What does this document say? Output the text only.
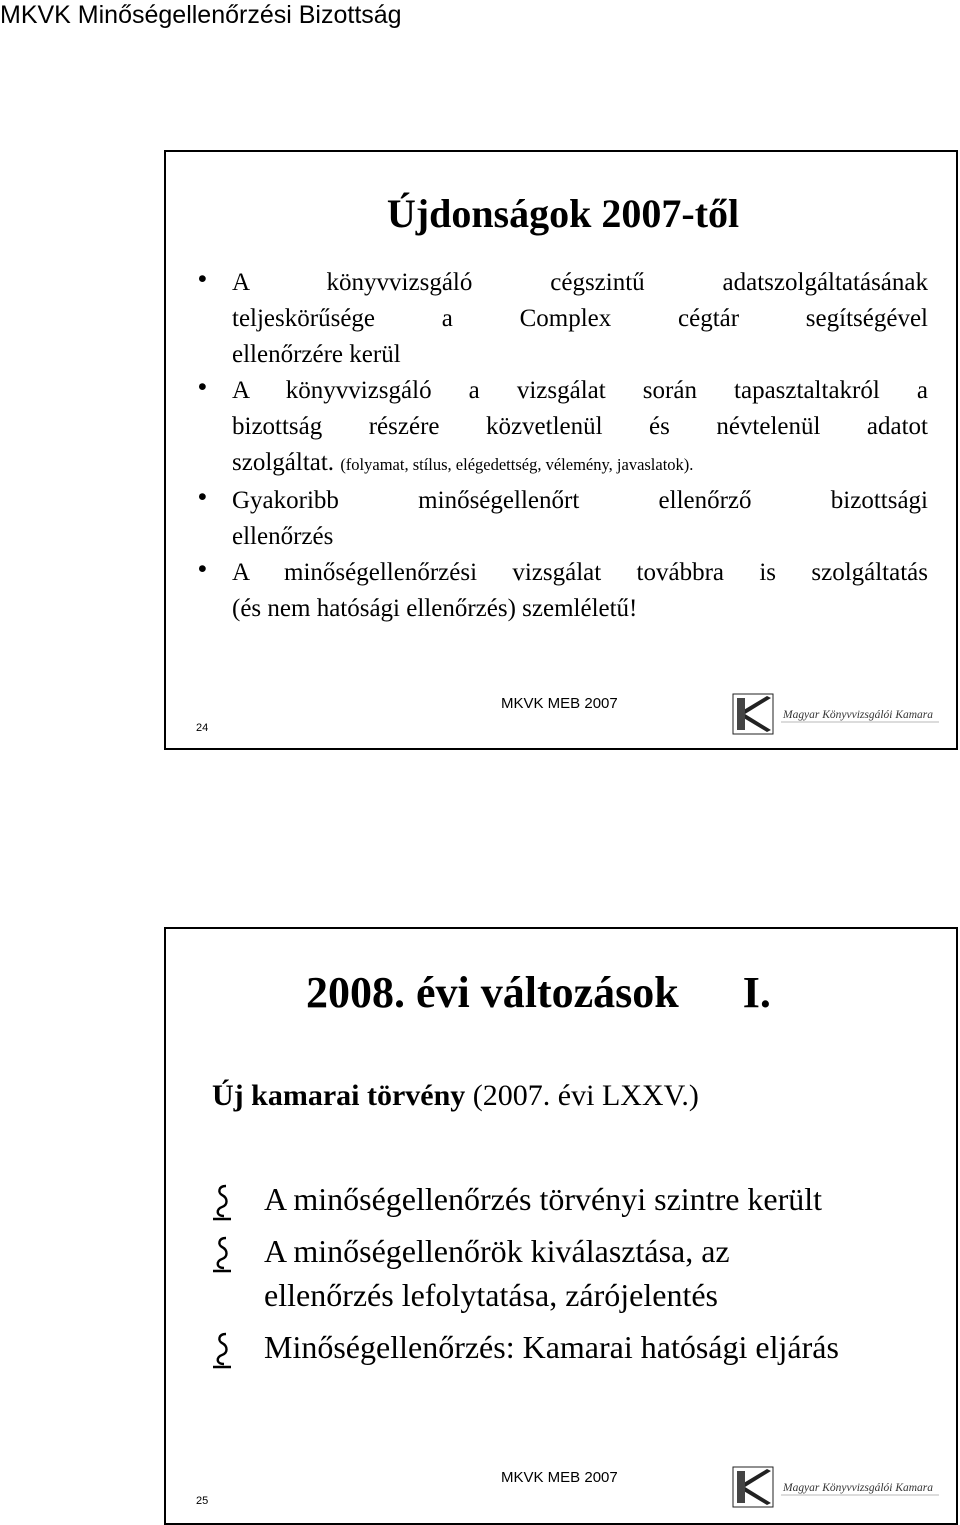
MKVK Minőségellenőrzési Bizottság
Újdonságok 2007-től
• A könyvvizsgáló cégszintű adatszolgáltatásának
teljeskörűsége a Complex cégtár segítségével
ellenőrzére kerül
• A könyvvizsgáló a vizsgálat során tapasztaltakról a
bizottság részére közvetlenül és névtelenül adatot
szolgáltat. (folyamat, stílus, elégedettség, vélemény, javaslatok).
• Gyakoribb minőségellenőrt ellenőrző bizottsági
ellenőrzés
• A minőségellenőrzési vizsgálat továbbra is szolgáltatás
(és nem hatósági ellenőrzés) szemléletű!
24
MKVK MEB 2007
Magyar Könyvvizsgálói Kamara
2008. évi változások I.
Új kamarai törvény (2007. évi LXXV.)
A minőségellenőrzés törvényi szintre került
A minőségellenőrök kiválasztása, az
ellenőrzés lefolytatása, zárójelentés
Minőségellenőrzés: Kamarai hatósági eljárás
25
MKVK MEB 2007
Magyar Könyvvizsgálói Kamara
